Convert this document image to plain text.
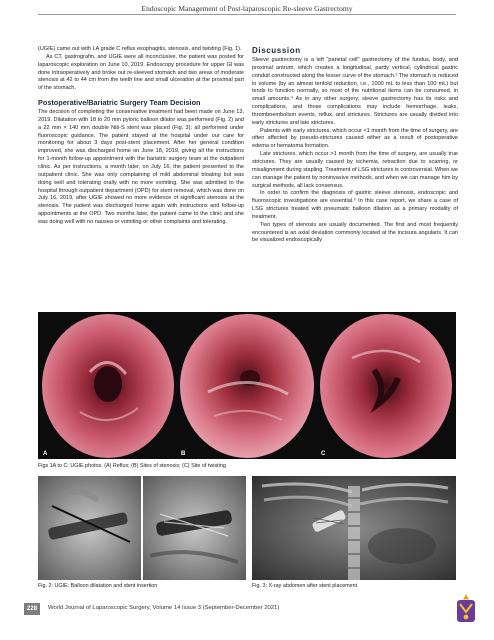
Endoscopic Management of Post-laparoscopic Re-sleeve Gastrectomy

(UGIE) came out with LA grade C reflux esophagitis, stenosis, and twisting (Fig. 1).

As CT, gastrografin, and UGIE were all inconclusive, the patient was posted for laparoscopic exploration on June 10, 2019. Endoscopy procedure for upper GI was done intraoperatively and broke out re-sleeved stomach and two areas of moderate stenosis at 42 to 44 cm from the teeth line and small ulceration at the proximal part of the stomach.

Postoperative/Bariatric Surgery Team Decision

The decision of completing the conservative treatment had been made on June 13, 2019. Dilatation with 18 to 20 mm pyloric balloon dilator was performed (Fig. 2) and a 22 mm × 140 mm double Niti-S stent was placed (Fig. 3); all performed under fluoroscopic guidance. The patient stayed at the hospital under our care for monitoring for about 3 days post-stent placement. After her general condition improved, she was discharged home on June 18, 2019, giving all the instructions for 1-month follow-up appointment with the bariatric surgery team at the outpatient clinic. As per instructions, a month later, on July 16, the patient presented to the outpatient clinic. She was only complaining of mild abdominal bloating but was doing well and tolerating orally with no more vomiting. She was admitted to the hospital through outpatient department (OPD) for stent removal, which was done on July 16, 2019, after UGIE showed no more evidence of significant stenosis at the stenosis. The patient was discharged home again with instructions and follow-up appointments at the OPD. Two months later, the patient came to the clinic and she was doing well with no nausea or vomiting or other complaints and tolerating.

Discussion

Sleeve gastrectomy is a left "parietal cell" gastrectomy of the fundus, body, and proximal antrum, which creates a longitudinal, partly vertical, cylindrical gastric conduit constructed along the lesser curve of the stomach.² The stomach is reduced in volume (by an almost tenfold reduction, i.e., 1000 mL to less than 100 mL) but tends to function normally, so most of the nutritional items can be consumed, in small amounts.⁴ As in any other surgery, sleeve gastrectomy has its risks and complications, and those complications may include hemorrhage, leaks, thromboembolism events, reflux, and strictures. Strictures are usually divided into early strictures and late strictures.

Patients with early strictures, which occur <1 month from the time of surgery, are often affected by pseudo-strictures caused either as a result of postoperative edema or hematoma formation.

Late strictures, which occur >1 month from the time of surgery, are usually true strictures. They are usually caused by ischemia, retraction due to scarring, or misalignment during stapling. Treatment of LSG strictures is controversial. When we can manage the patient by noninvasive methods, and when we can manage him by surgical methods, all lack consensus.

In order to confirm the diagnosis of gastric sleeve stenosis, endoscopic and fluoroscopic investigations are essential.⁵ In this case report, we share a case of LSG strictures treated with pneumatic balloon dilation as a primary modality of treatment.

Two types of stenosis are usually documented. The first and most frequently encountered is an axial deviation commonly located at the incisura angularis. It can be visualized endoscopically

A	B	C
Figs 1A to C: UGIE photos. (A) Reflux; (B) Sites of stenosis; (C) Site of twisting
Fig. 2: UGIE: Balloon dilatation and stent insertion	Fig. 3: X-ray abdomen after stent placement
228	World Journal of Laparoscopic Surgery, Volume 14 Issue 3 (September-December 2021)
